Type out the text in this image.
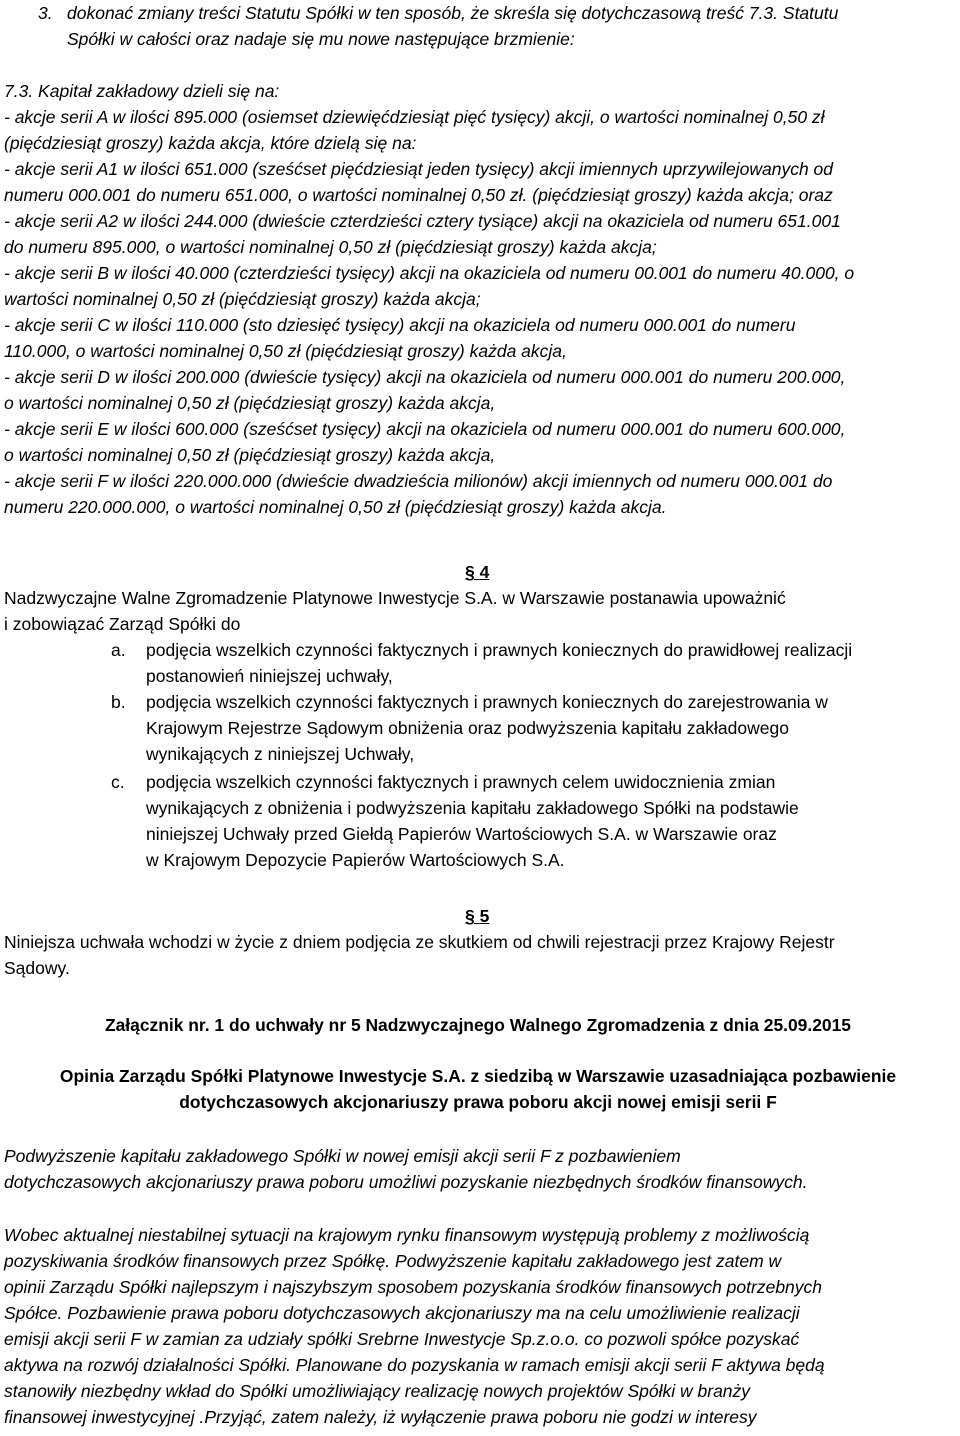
3. dokonać zmiany treści Statutu Spółki w ten sposób, że skreśla się dotychczasową treść 7.3. Statutu
Spółki w całości oraz nadaje się mu nowe następujące brzmienie:
7.3. Kapitał zakładowy dzieli się na:
- akcje serii A w ilości 895.000 (osiemset dziewięćdziesiąt pięć tysięcy) akcji, o wartości nominalnej 0,50 zł
(pięćdziesiąt groszy) każda akcja, które dzielą się na:
- akcje serii A1 w ilości 651.000 (sześćset pięćdziesiąt jeden tysięcy) akcji imiennych uprzywilejowanych od
numeru 000.001 do numeru 651.000, o wartości nominalnej 0,50 zł. (pięćdziesiąt groszy) każda akcja; oraz
- akcje serii A2 w ilości 244.000 (dwieście czterdzieści cztery tysiące) akcji na okaziciela od numeru 651.001
do numeru 895.000, o wartości nominalnej 0,50 zł (pięćdziesiąt groszy) każda akcja;
- akcje serii B w ilości 40.000 (czterdzieści tysięcy) akcji na okaziciela od numeru 00.001 do numeru 40.000, o
wartości nominalnej 0,50 zł (pięćdziesiąt groszy) każda akcja;
- akcje serii C w ilości 110.000 (sto dziesięć tysięcy) akcji na okaziciela od numeru 000.001 do numeru
110.000, o wartości nominalnej 0,50 zł (pięćdziesiąt groszy) każda akcja,
- akcje serii D w ilości 200.000 (dwieście tysięcy) akcji na okaziciela od numeru 000.001 do numeru 200.000,
o wartości nominalnej 0,50 zł (pięćdziesiąt groszy) każda akcja,
- akcje serii E w ilości 600.000 (sześćset tysięcy) akcji na okaziciela od numeru 000.001 do numeru 600.000,
o wartości nominalnej 0,50 zł (pięćdziesiąt groszy) każda akcja,
- akcje serii F w ilości 220.000.000 (dwieście dwadzieścia milionów) akcji imiennych od numeru 000.001 do
numeru 220.000.000, o wartości nominalnej 0,50 zł (pięćdziesiąt groszy) każda akcja.
§ 4
Nadzwyczajne Walne Zgromadzenie Platynowe Inwestycje S.A. w Warszawie postanawia upoważnić
i zobowiązać Zarząd Spółki do
a. podjęcia wszelkich czynności faktycznych i prawnych koniecznych do prawidłowej realizacji
postanowień niniejszej uchwały,
b. podjęcia wszelkich czynności faktycznych i prawnych koniecznych do zarejestrowania w
Krajowym Rejestrze Sądowym obniżenia oraz podwyższenia kapitału zakładowego
wynikających z niniejszej Uchwały,
c. podjęcia wszelkich czynności faktycznych i prawnych celem uwidocznienia zmian
wynikających z obniżenia i podwyższenia kapitału zakładowego Spółki na podstawie
niniejszej Uchwały przed Giełdą Papierów Wartościowych S.A. w Warszawie oraz
w Krajowym Depozycie Papierów Wartościowych S.A.
§ 5
Niniejsza uchwała wchodzi w życie z dniem podjęcia ze skutkiem od chwili rejestracji przez Krajowy Rejestr
Sądowy.
Załącznik nr. 1 do uchwały nr 5 Nadzwyczajnego Walnego Zgromadzenia z dnia 25.09.2015
Opinia Zarządu Spółki Platynowe Inwestycje S.A. z siedzibą w Warszawie uzasadniająca pozbawienie
dotychczasowych akcjonariuszy prawa poboru akcji nowej emisji serii F
Podwyższenie kapitału zakładowego Spółki w nowej emisji akcji serii F z pozbawieniem
dotychczasowych akcjonariuszy prawa poboru umożliwi pozyskanie niezbędnych środków finansowych.
Wobec aktualnej niestabilnej sytuacji na krajowym rynku finansowym występują problemy z możliwością
pozyskiwania środków finansowych przez Spółkę. Podwyższenie kapitału zakładowego jest zatem w
opinii Zarządu Spółki najlepszym i najszybszym sposobem pozyskania środków finansowych potrzebnych
Spółce. Pozbawienie prawa poboru dotychczasowych akcjonariuszy ma na celu umożliwienie realizacji
emisji akcji serii F w zamian za udziały spółki Srebrne Inwestycje Sp.z.o.o. co pozwoli spółce pozyskać
aktywa na rozwój działalności Spółki. Planowane do pozyskania w ramach emisji akcji serii F aktywa będą
stanowiły niezbędny wkład do Spółki umożliwiający realizację nowych projektów Spółki w branży
finansowej inwestycyjnej .Przyjąć, zatem należy, iż wyłączenie prawa poboru nie godzi w interesy
